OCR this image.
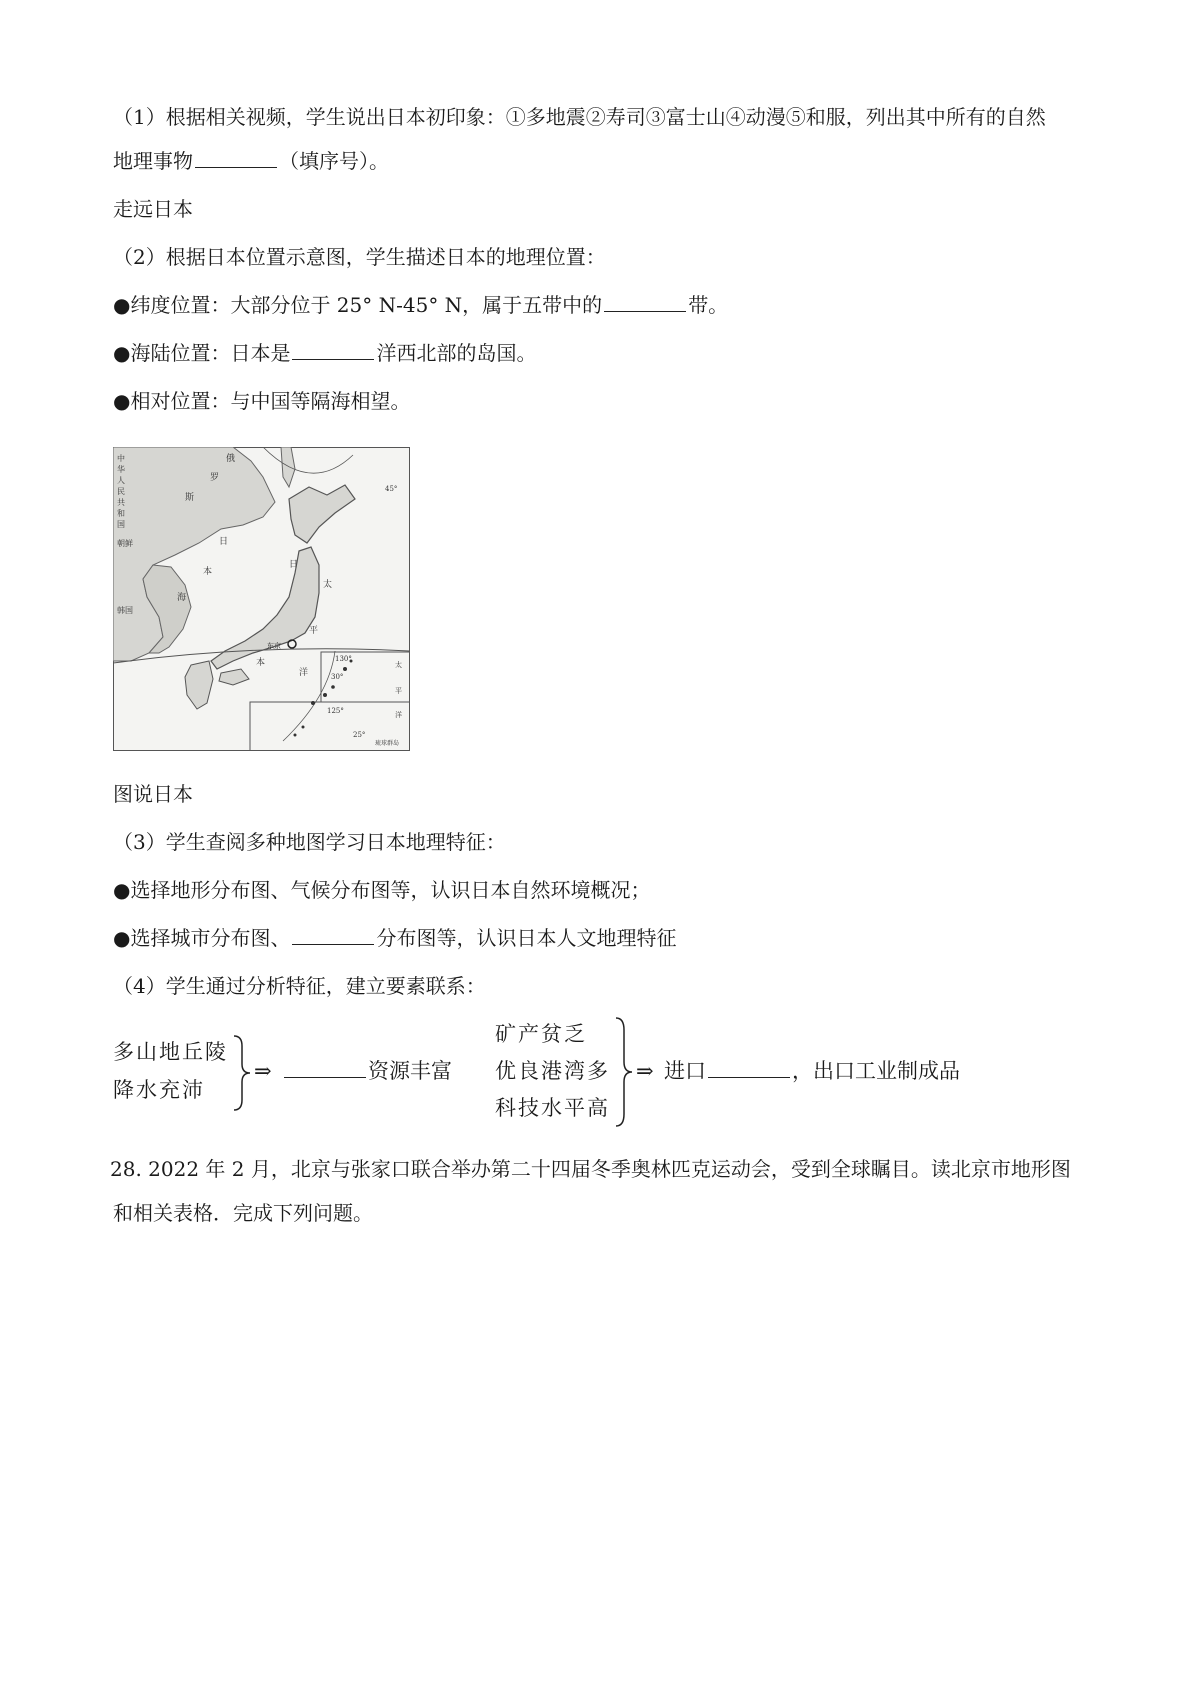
（1）根据相关视频，学生说出日本初印象：①多地震②寿司③富士山④动漫⑤和服，列出其中所有的自然
地理事物	（填序号）。
走远日本
（2）根据日本位置示意图，学生描述日本的地理位置：
●纬度位置：大部分位于 25° N-45° N，属于五带中的	带。
●海陆位置：日本是	洋西北部的岛国。
●相对位置：与中国等隔海相望。
中华人民共和国
俄
罗
斯
朝鲜
韩国
日
本
海
日
本
太
平
洋
东京
45°
30°
130°
125°
25°
琉球群岛
太
平
洋
图说日本
（3）学生查阅多种地图学习日本地理特征：
●选择地形分布图、气候分布图等，认识日本自然环境概况；
●选择城市分布图、	分布图等，认识日本人文地理特征
（4）学生通过分析特征，建立要素联系：
多山地丘陵
降水充沛
⇒	资源丰富
矿产贫乏
优良港湾多
科技水平高
⇒ 进口	，出口工业制成品
28. 2022 年 2 月，北京与张家口联合举办第二十四届冬季奥林匹克运动会，受到全球瞩目。读北京市地形图
和相关表格．完成下列问题。
